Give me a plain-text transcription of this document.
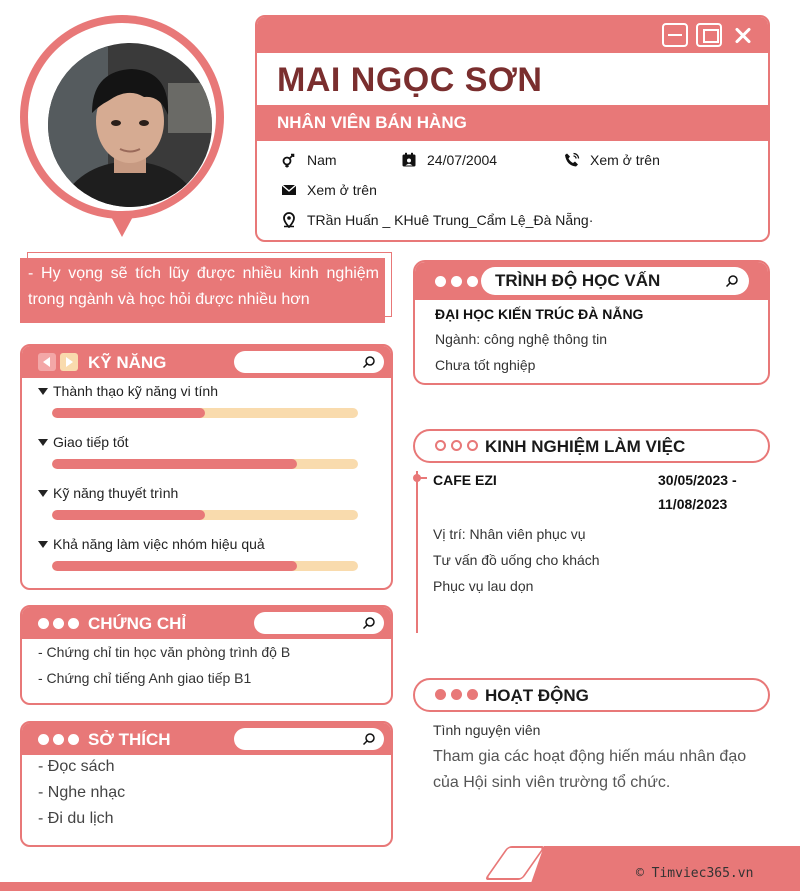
MAI NGỌC SƠN
NHÂN VIÊN BÁN HÀNG
Nam	24/07/2004	Xem ở trên
Xem ở trên
TRần Huấn _ KHuê Trung_Cẩm Lệ_Đà Nẵng·
- Hy vọng sẽ tích lũy được nhiều kinh nghiệm trong ngành và học hỏi được nhiều hơn
KỸ NĂNG
Thành thạo kỹ năng vi tính
Giao tiếp tốt
Kỹ năng thuyết trình
Khả năng làm việc nhóm hiệu quả
CHỨNG CHỈ
- Chứng chỉ tin học văn phòng trình độ B
- Chứng chỉ tiếng Anh giao tiếp B1
SỞ THÍCH
- Đọc sách
- Nghe nhạc
- Đi du lịch
TRÌNH ĐỘ HỌC VẤN
ĐẠI HỌC KIẾN TRÚC ĐÀ NẴNG
Ngành: công nghệ thông tin
Chưa tốt nghiệp
KINH NGHIỆM LÀM VIỆC
CAFE EZI	30/05/2023 -
11/08/2023
Vị trí: Nhân viên phục vụ
Tư vấn đồ uống cho khách
Phục vụ lau dọn
HOẠT ĐỘNG
Tình nguyện viên
Tham gia các hoạt động hiến máu nhân đạo của Hội sinh viên trường tổ chức.
© Timviec365.vn
